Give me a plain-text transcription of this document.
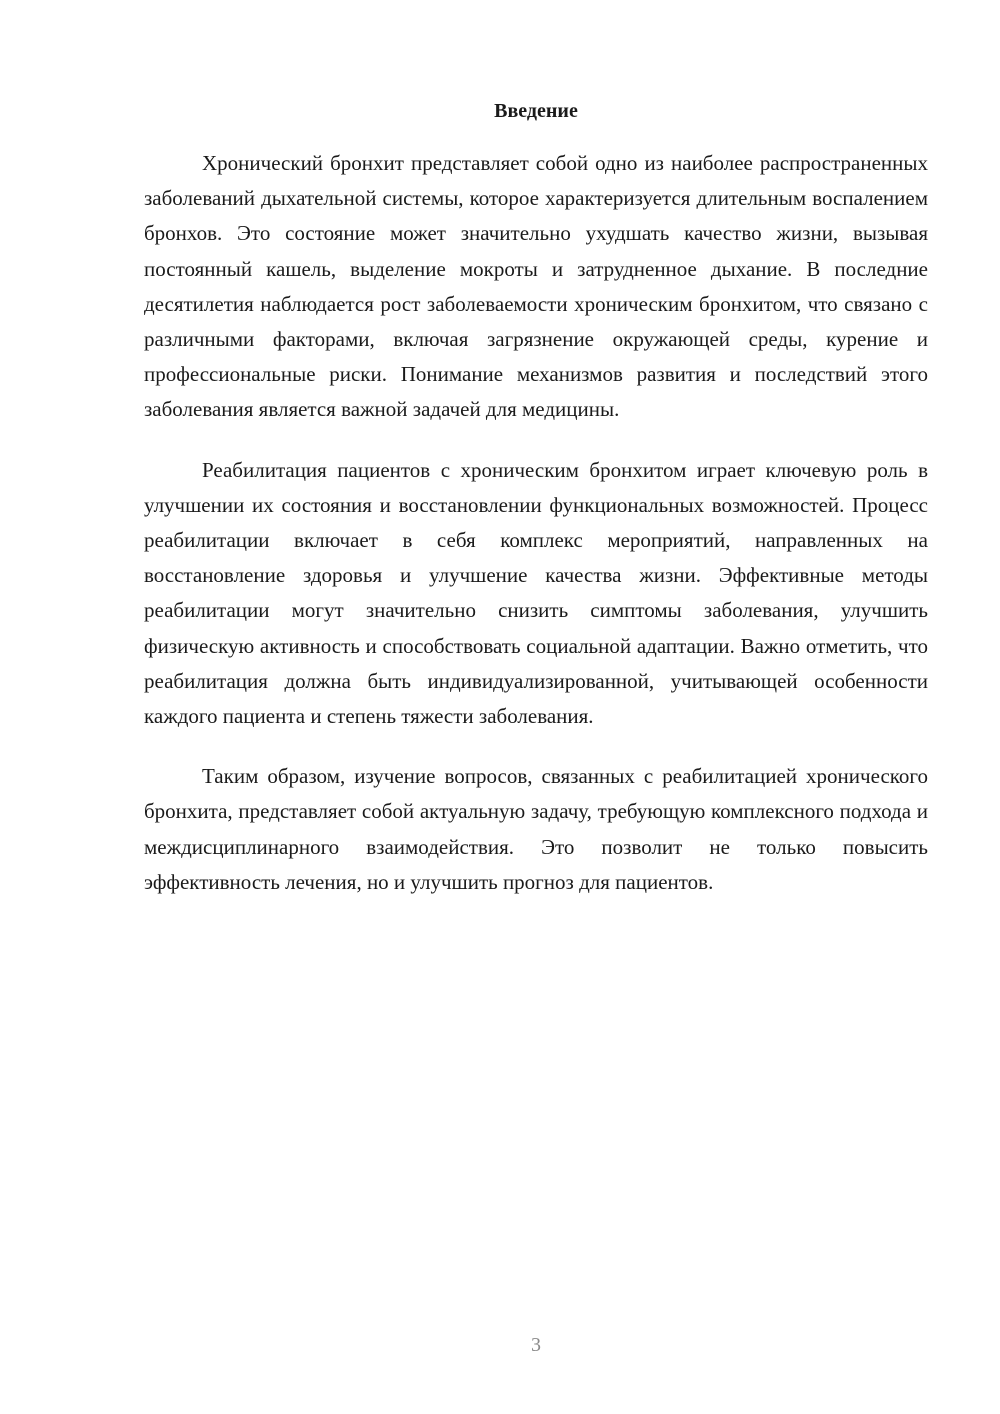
Введение

Хронический бронхит представляет собой одно из наиболее распространенных заболеваний дыхательной системы, которое характеризуется длительным воспалением бронхов. Это состояние может значительно ухудшать качество жизни, вызывая постоянный кашель, выделение мокроты и затрудненное дыхание. В последние десятилетия наблюдается рост заболеваемости хроническим бронхитом, что связано с различными факторами, включая загрязнение окружающей среды, курение и профессиональные риски. Понимание механизмов развития и последствий этого заболевания является важной задачей для медицины.

Реабилитация пациентов с хроническим бронхитом играет ключевую роль в улучшении их состояния и восстановлении функциональных возможностей. Процесс реабилитации включает в себя комплекс мероприятий, направленных на восстановление здоровья и улучшение качества жизни. Эффективные методы реабилитации могут значительно снизить симптомы заболевания, улучшить физическую активность и способствовать социальной адаптации. Важно отметить, что реабилитация должна быть индивидуализированной, учитывающей особенности каждого пациента и степень тяжести заболевания.

Таким образом, изучение вопросов, связанных с реабилитацией хронического бронхита, представляет собой актуальную задачу, требующую комплексного подхода и междисциплинарного взаимодействия. Это позволит не только повысить эффективность лечения, но и улучшить прогноз для пациентов.

3
